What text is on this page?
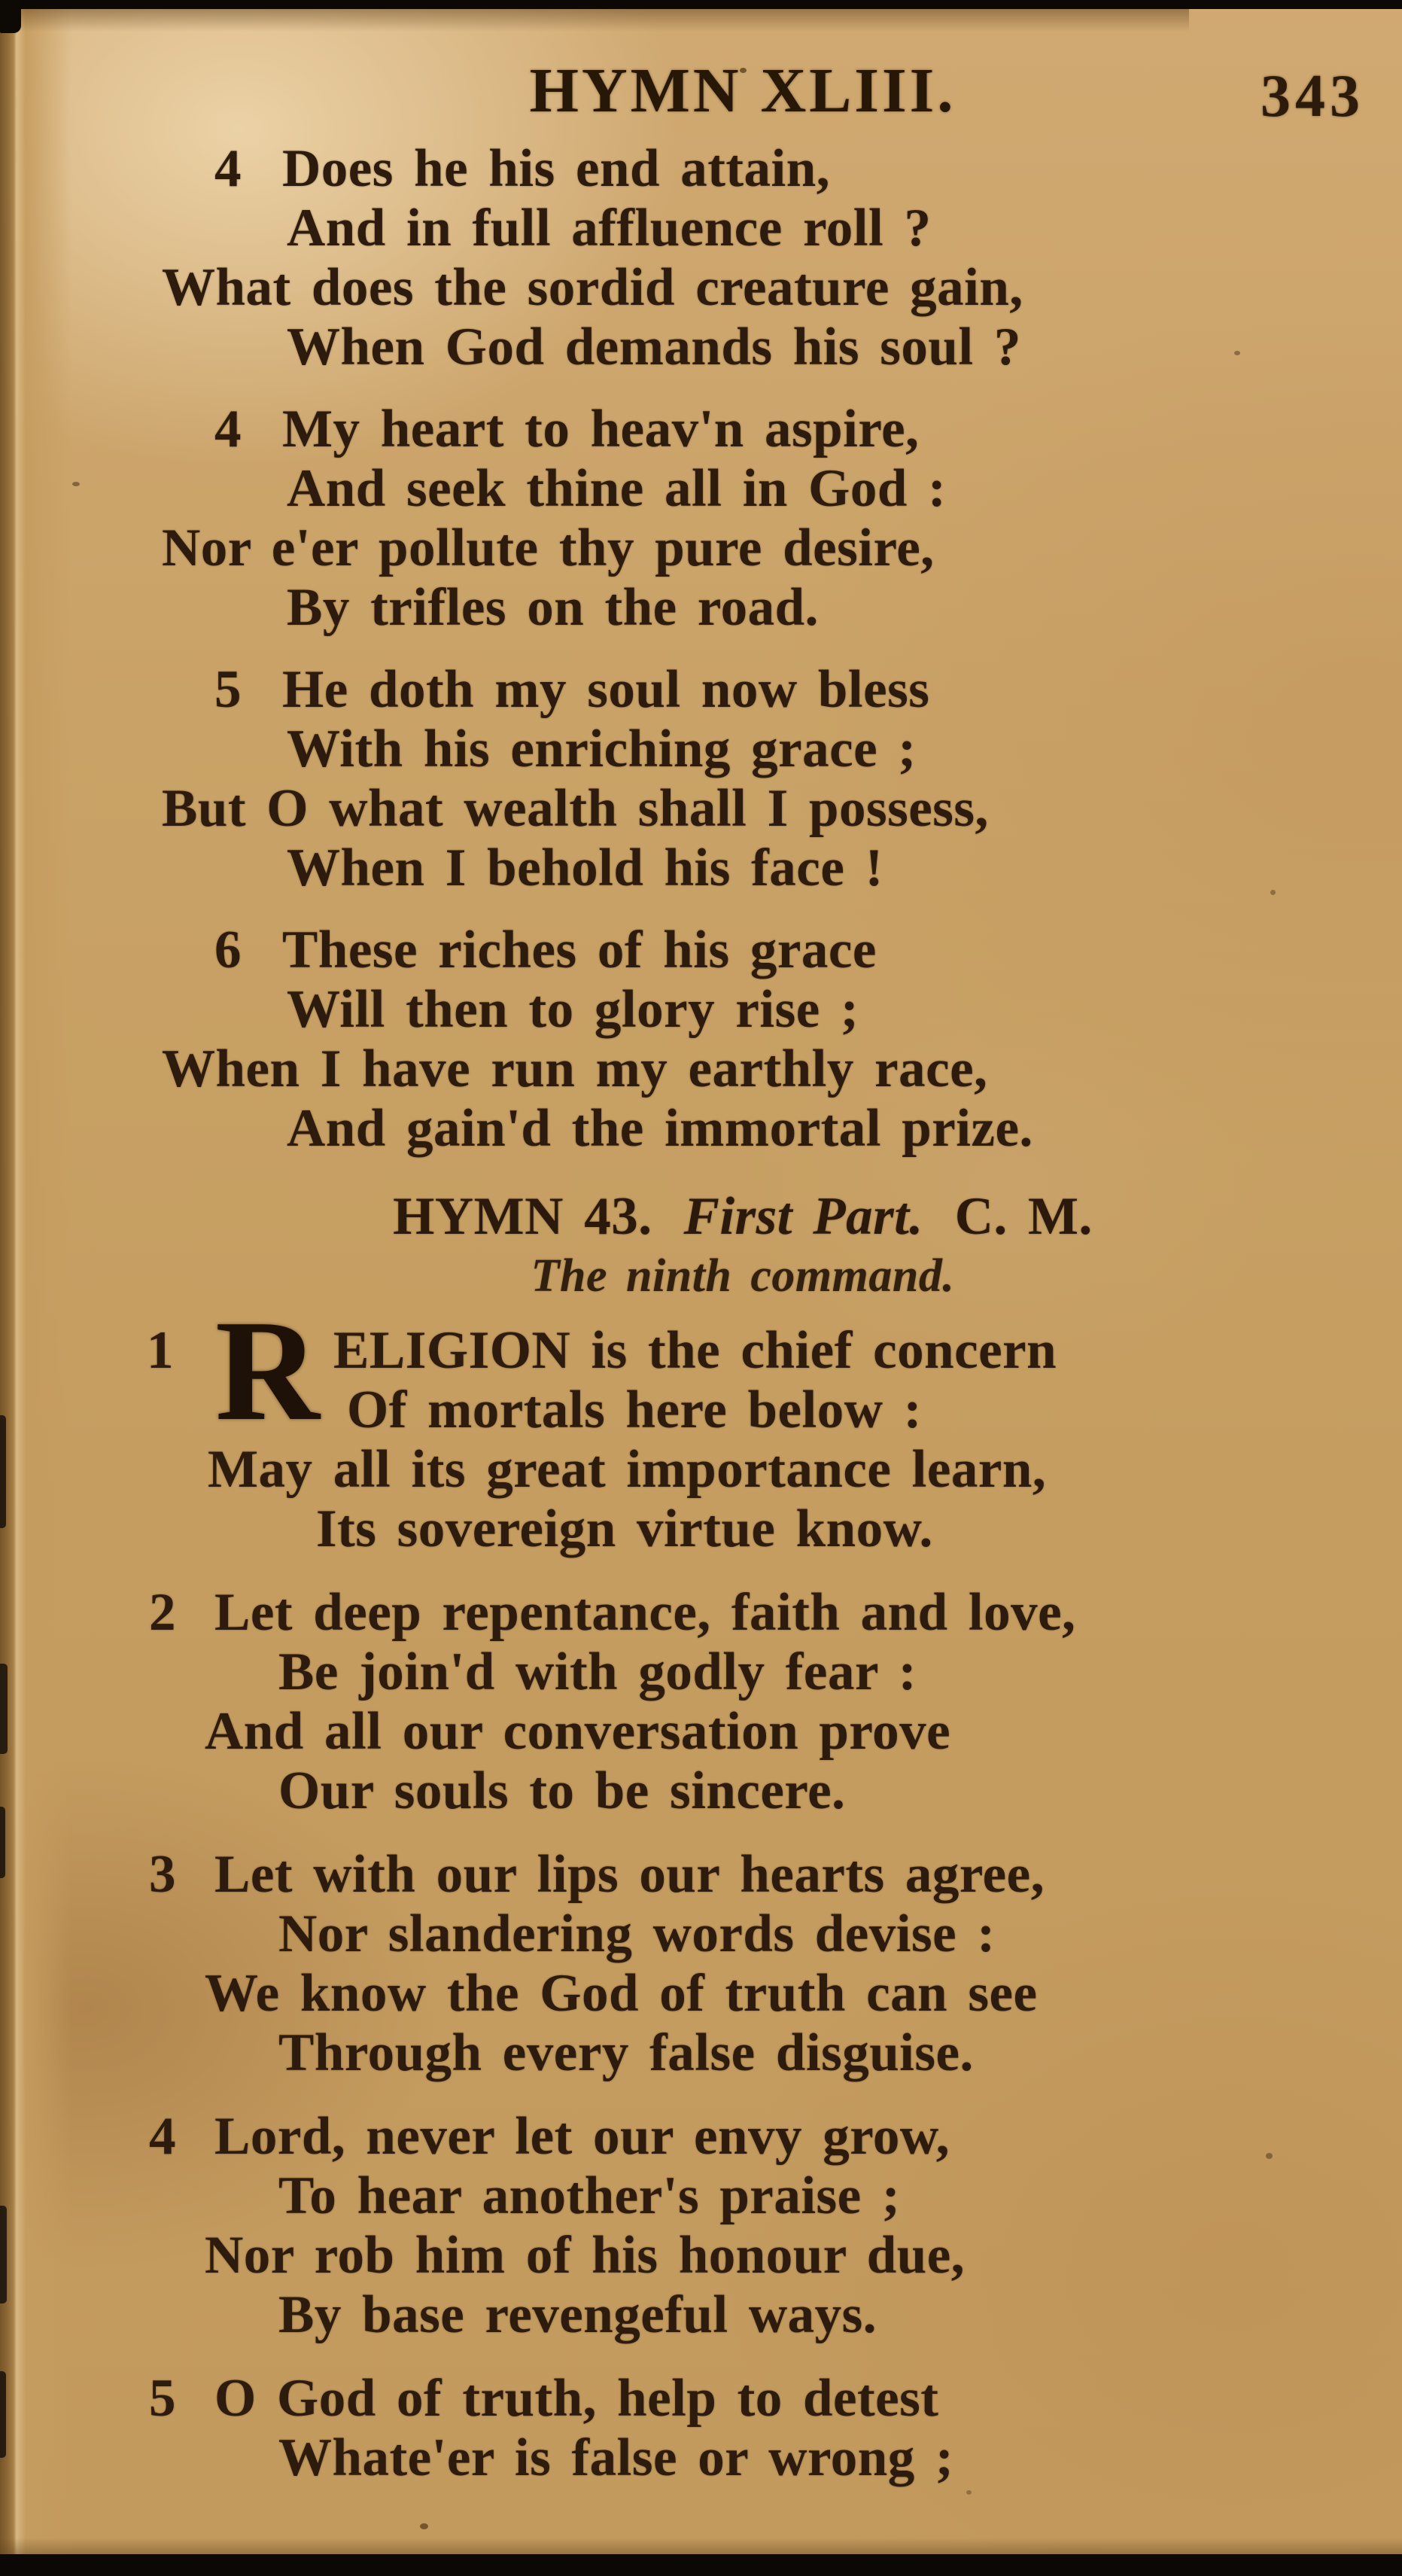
HYMN XLIII.	343
4 Does he his end attain,
And in full affluence roll ?
What does the sordid creature gain,
When God demands his soul ?
4 My heart to heav'n aspire,
And seek thine all in God :
Nor e'er pollute thy pure desire,
By trifles on the road.
5 He doth my soul now bless
With his enriching grace ;
But O what wealth shall I possess,
When I behold his face !
6 These riches of his grace
Will then to glory rise ;
When I have run my earthly race,
And gain'd the immortal prize.
HYMN 43. First Part. C. M.
The ninth command.
1 R ELIGION is the chief concern
Of mortals here below :
May all its great importance learn,
Its sovereign virtue know.
2 Let deep repentance, faith and love,
Be join'd with godly fear :
And all our conversation prove
Our souls to be sincere.
3 Let with our lips our hearts agree,
Nor slandering words devise :
We know the God of truth can see
Through every false disguise.
4 Lord, never let our envy grow,
To hear another's praise ;
Nor rob him of his honour due,
By base revengeful ways.
5 O God of truth, help to detest
Whate'er is false or wrong ;
